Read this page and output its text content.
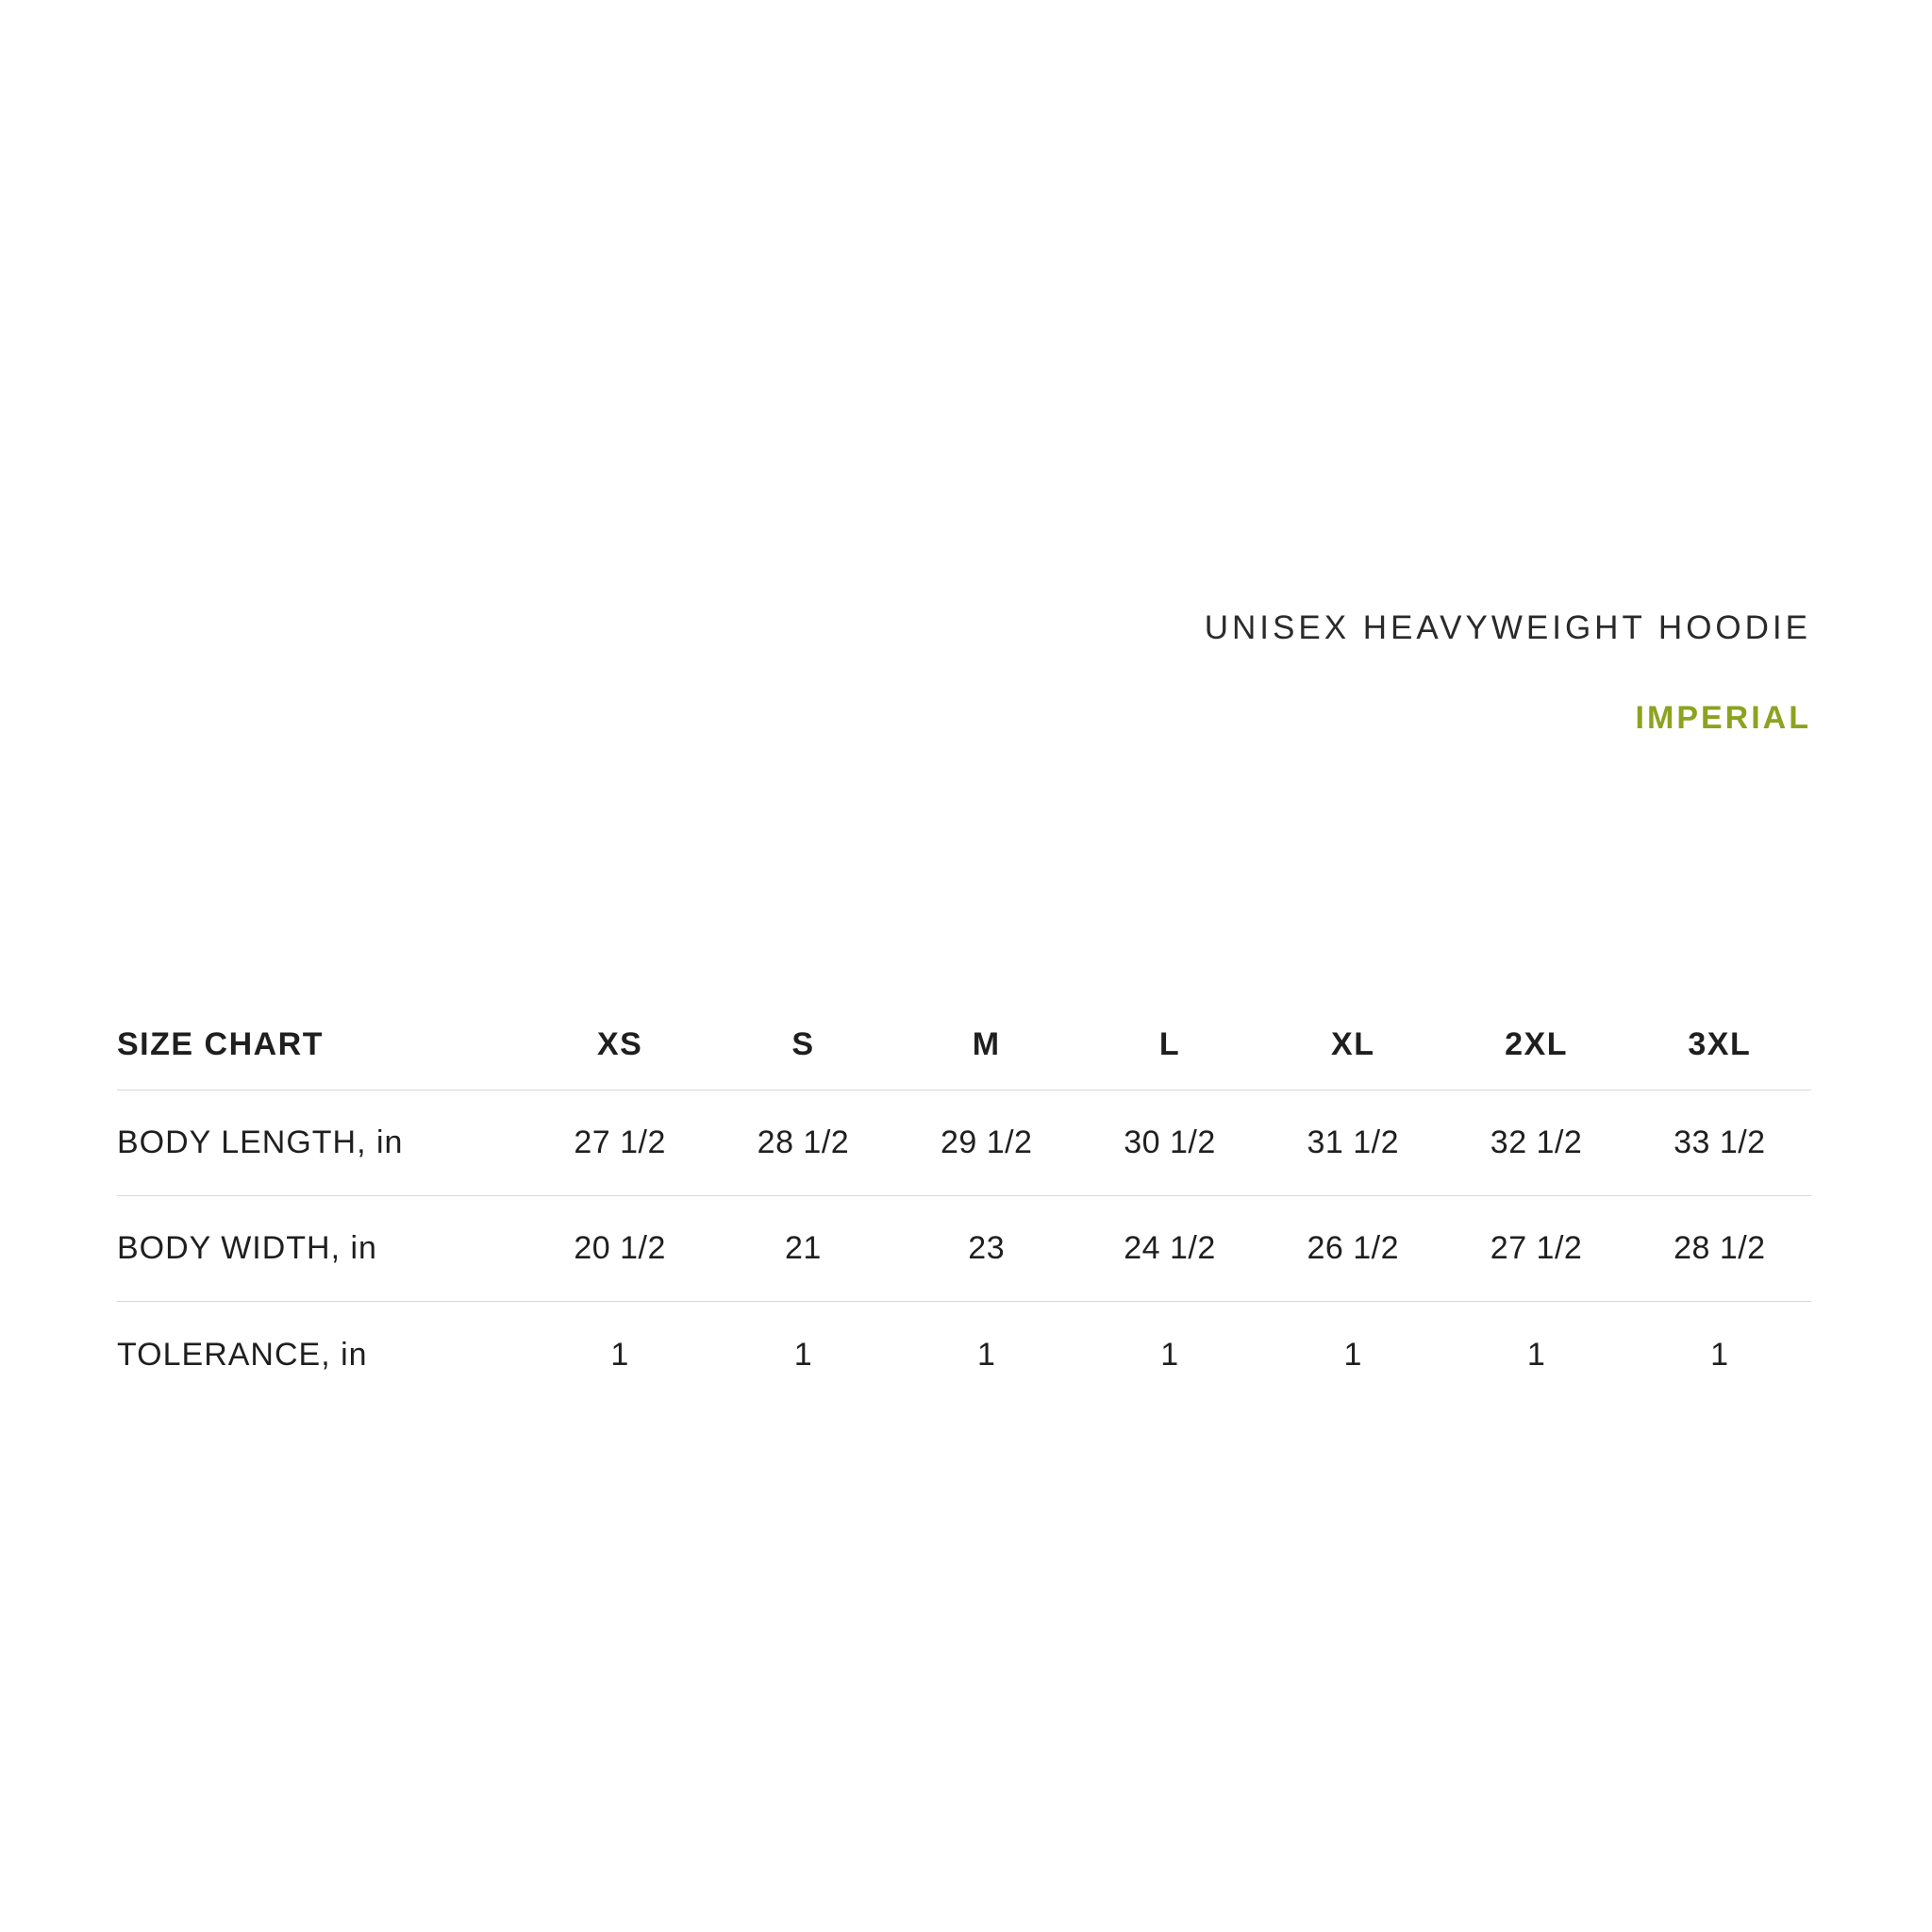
UNISEX HEAVYWEIGHT HOODIE
IMPERIAL
SIZE CHART	XS	S	M	L	XL	2XL	3XL
BODY LENGTH, in	27 1/2	28 1/2	29 1/2	30 1/2	31 1/2	32 1/2	33 1/2
BODY WIDTH, in	20 1/2	21	23	24 1/2	26 1/2	27 1/2	28 1/2
TOLERANCE, in	1	1	1	1	1	1	1
